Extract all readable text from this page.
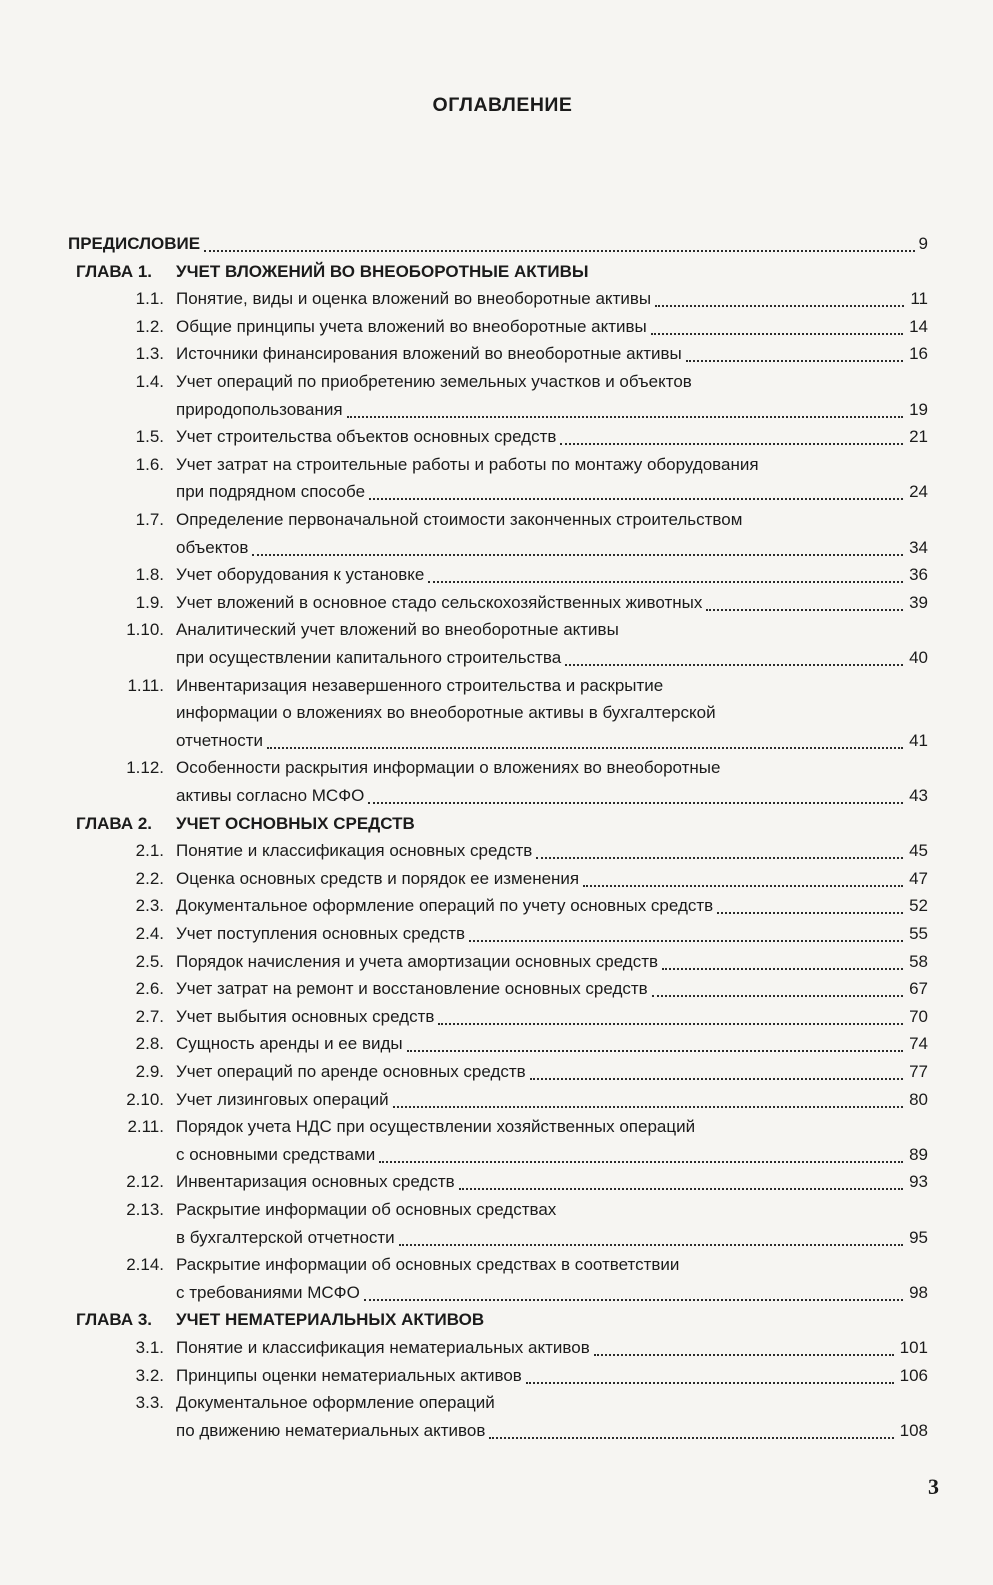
ОГЛАВЛЕНИЕ
ПРЕДИСЛОВИЕ	9
ГЛАВА 1.	УЧЕТ ВЛОЖЕНИЙ ВО ВНЕОБОРОТНЫЕ АКТИВЫ
1.1. Понятие, виды и оценка вложений во внеоборотные активы	11
1.2. Общие принципы учета вложений во внеоборотные активы	14
1.3. Источники финансирования вложений во внеоборотные активы	16
1.4. Учет операций по приобретению земельных участков и объектов
природопользования	19
1.5. Учет строительства объектов основных средств	21
1.6. Учет затрат на строительные работы и работы по монтажу оборудования
при подрядном способе	24
1.7. Определение первоначальной стоимости законченных строительством
объектов	34
1.8. Учет оборудования к установке	36
1.9. Учет вложений в основное стадо сельскохозяйственных животных	39
1.10. Аналитический учет вложений во внеоборотные активы
при осуществлении капитального строительства	40
1.11. Инвентаризация незавершенного строительства и раскрытие
информации о вложениях во внеоборотные активы в бухгалтерской
отчетности	41
1.12. Особенности раскрытия информации о вложениях во внеоборотные
активы согласно МСФО	43
ГЛАВА 2.	УЧЕТ ОСНОВНЫХ СРЕДСТВ
2.1. Понятие и классификация основных средств	45
2.2. Оценка основных средств и порядок ее изменения	47
2.3. Документальное оформление операций по учету основных средств	52
2.4. Учет поступления основных средств	55
2.5. Порядок начисления и учета амортизации основных средств	58
2.6. Учет затрат на ремонт и восстановление основных средств	67
2.7. Учет выбытия основных средств	70
2.8. Сущность аренды и ее виды	74
2.9. Учет операций по аренде основных средств	77
2.10. Учет лизинговых операций	80
2.11. Порядок учета НДС при осуществлении хозяйственных операций
с основными средствами	89
2.12. Инвентаризация основных средств	93
2.13. Раскрытие информации об основных средствах
в бухгалтерской отчетности	95
2.14. Раскрытие информации об основных средствах в соответствии
с требованиями МСФО	98
ГЛАВА 3.	УЧЕТ НЕМАТЕРИАЛЬНЫХ АКТИВОВ
3.1. Понятие и классификация нематериальных активов	101
3.2. Принципы оценки нематериальных активов	106
3.3. Документальное оформление операций
по движению нематериальных активов	108
3
